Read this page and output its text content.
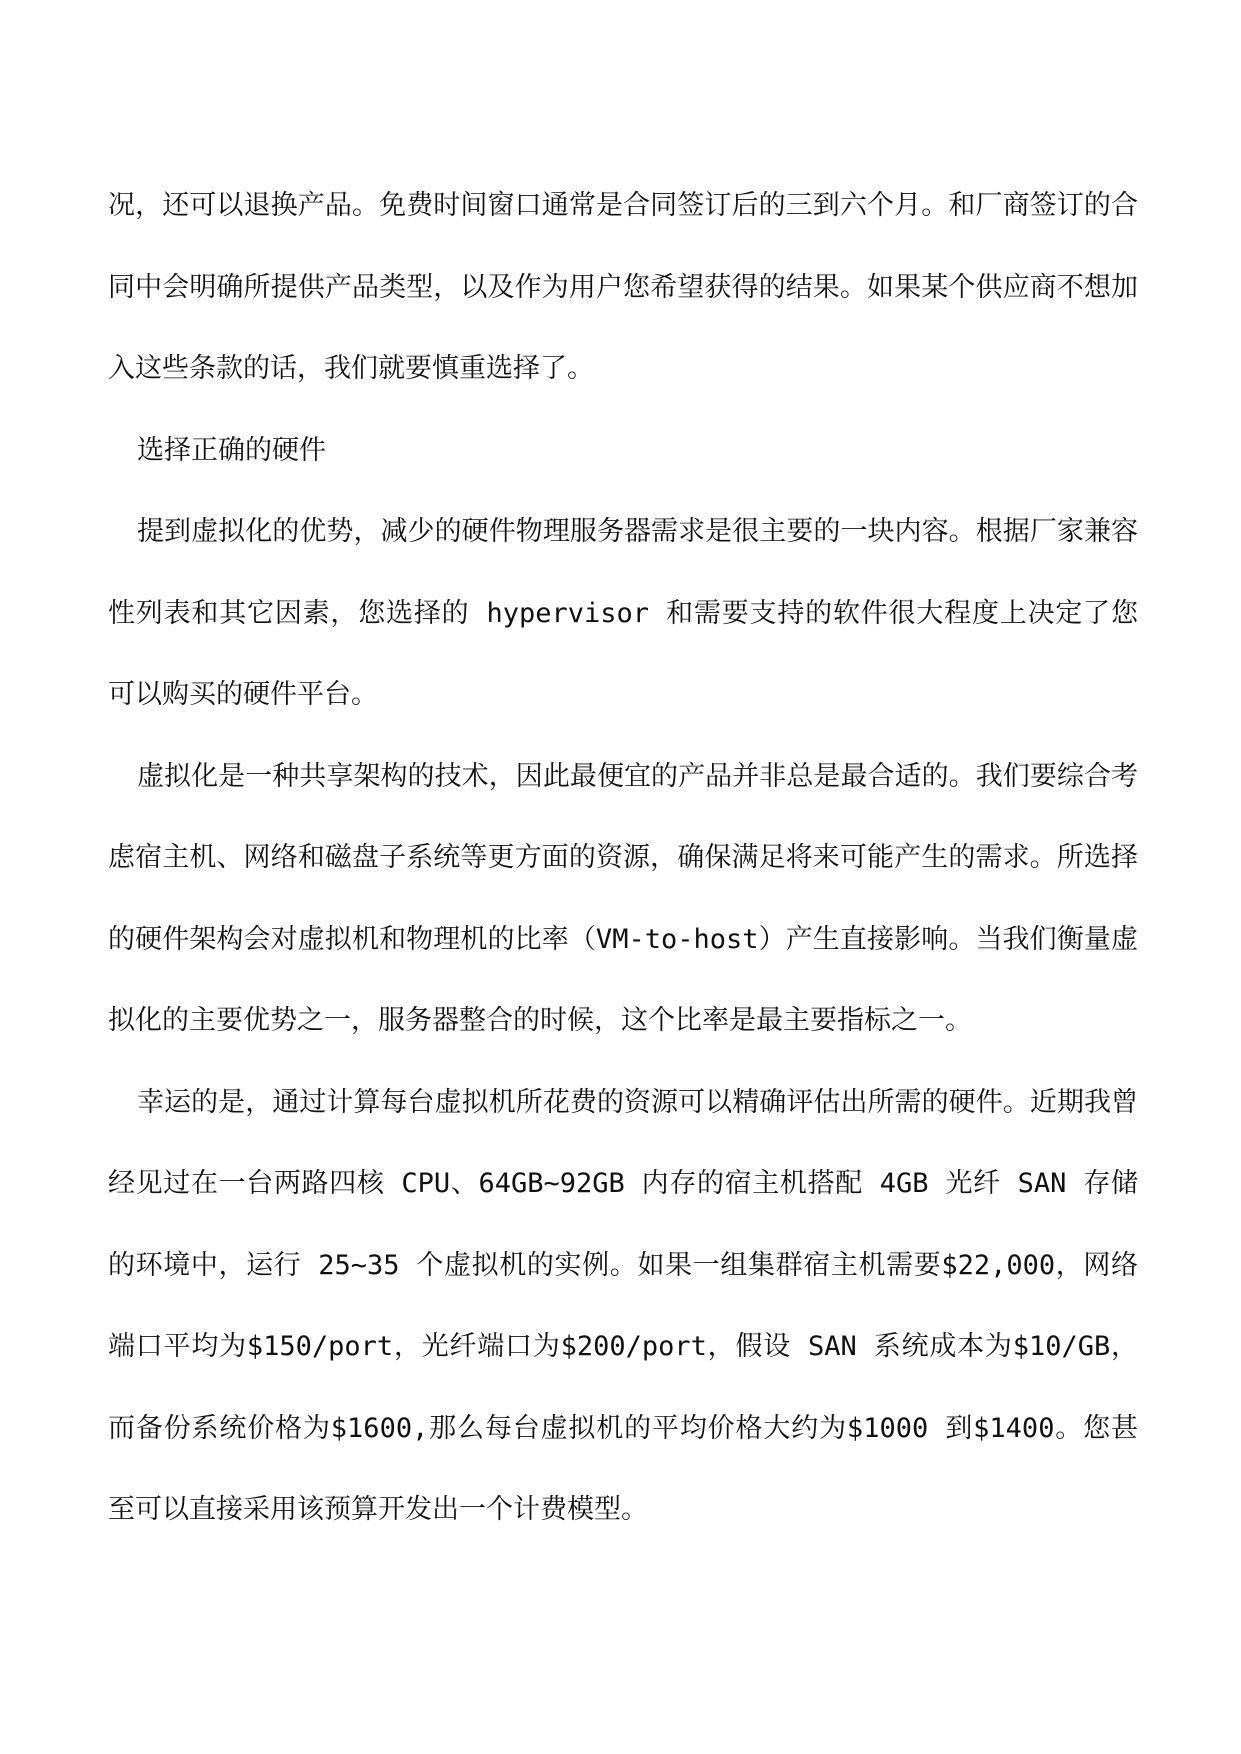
况，还可以退换产品。免费时间窗口通常是合同签订后的三到六个月。和厂商签订的合同中会明确所提供产品类型，以及作为用户您希望获得的结果。如果某个供应商不想加入这些条款的话，我们就要慎重选择了。

选择正确的硬件

提到虚拟化的优势，减少的硬件物理服务器需求是很主要的一块内容。根据厂家兼容性列表和其它因素，您选择的 hypervisor 和需要支持的软件很大程度上决定了您可以购买的硬件平台。

虚拟化是一种共享架构的技术，因此最便宜的产品并非总是最合适的。我们要综合考虑宿主机、网络和磁盘子系统等更方面的资源，确保满足将来可能产生的需求。所选择的硬件架构会对虚拟机和物理机的比率（VM-to-host）产生直接影响。当我们衡量虚拟化的主要优势之一，服务器整合的时候，这个比率是最主要指标之一。

幸运的是，通过计算每台虚拟机所花费的资源可以精确评估出所需的硬件。近期我曾经见过在一台两路四核 CPU、64GB~92GB 内存的宿主机搭配 4GB 光纤 SAN 存储的环境中，运行 25~35 个虚拟机的实例。如果一组集群宿主机需要$22,000，网络端口平均为$150/port，光纤端口为$200/port，假设 SAN 系统成本为$10/GB，而备份系统价格为$1600,那么每台虚拟机的平均价格大约为$1000 到$1400。您甚至可以直接采用该预算开发出一个计费模型。
